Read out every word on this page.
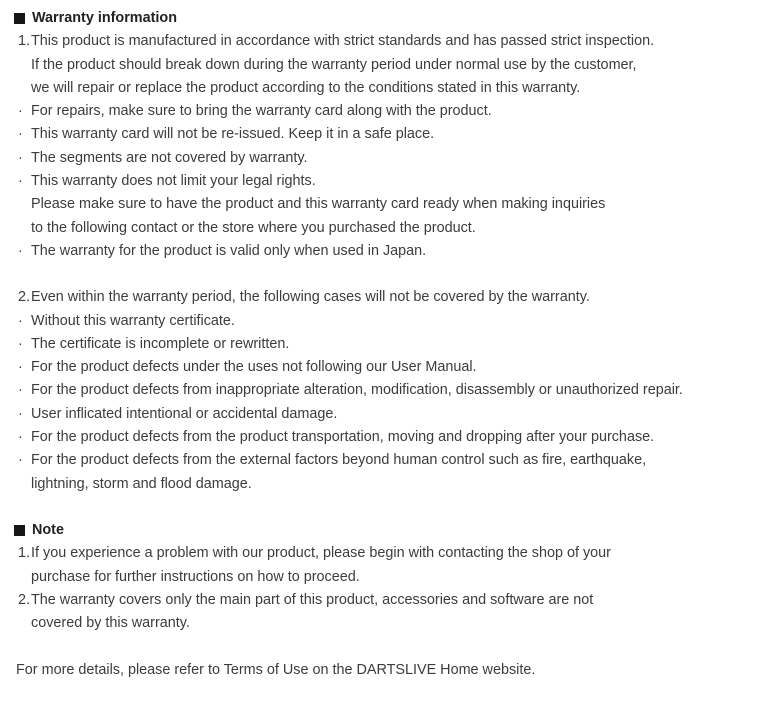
Warranty information
1. This product is manufactured in accordance with strict standards and has passed strict inspection.
If the product should break down during the warranty period under normal use by the customer,
we will repair or replace the product according to the conditions stated in this warranty.
· For repairs, make sure to bring the warranty card along with the product.
· This warranty card will not be re-issued. Keep it in a safe place.
· The segments are not covered by warranty.
· This warranty does not limit your legal rights.
Please make sure to have the product and this warranty card ready when making inquiries
to the following contact or the store where you purchased the product.
· The warranty for the product is valid only when used in Japan.
2. Even within the warranty period, the following cases will not be covered by the warranty.
· Without this warranty certificate.
· The certificate is incomplete or rewritten.
· For the product defects under the uses not following our User Manual.
· For the product defects from inappropriate alteration, modification, disassembly or unauthorized repair.
· User inflicated intentional or accidental damage.
· For the product defects from the product transportation, moving and dropping after your purchase.
· For the product defects from the external factors beyond human control such as fire, earthquake,
lightning, storm and flood damage.
Note
1. If you experience a problem with our product, please begin with contacting the shop of your
purchase for further instructions on how to proceed.
2. The warranty covers only the main part of this product, accessories and software are not
covered by this warranty.
For more details, please refer to Terms of Use on the DARTSLIVE Home website.
